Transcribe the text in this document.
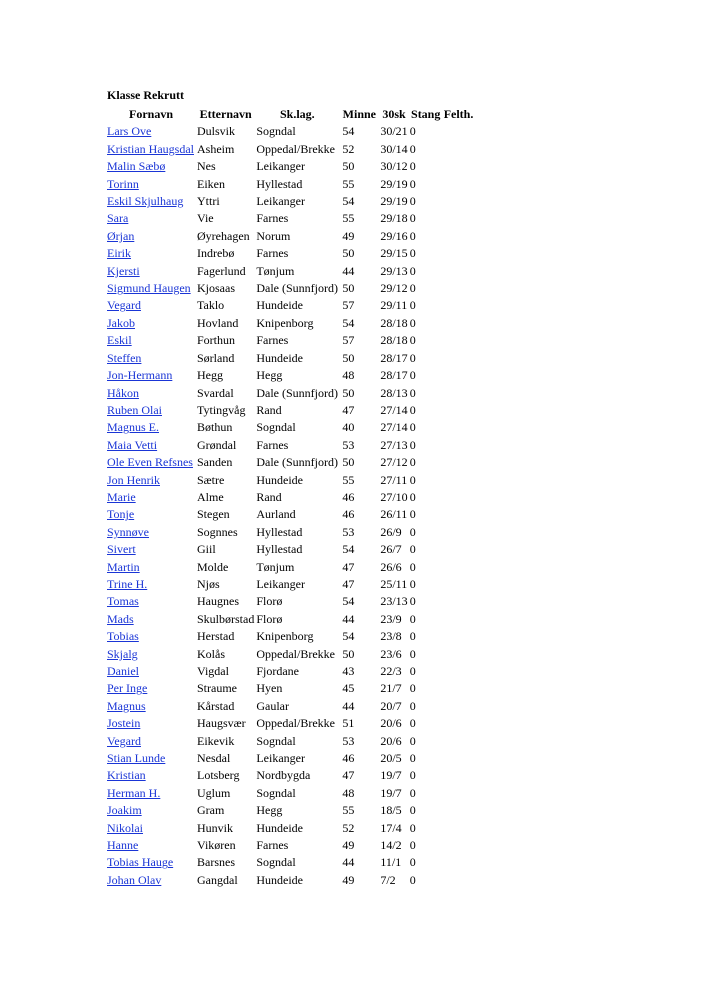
Klasse Rekrutt
Fornavn	Etternavn	Sk.lag.	Minne	30sk	Stang	Felth.
Lars Ove	Dulsvik	Sogndal	54	30/21	0	
Kristian Haugsdal	Asheim	Oppedal/Brekke	52	30/14	0	
Malin Sæbø	Nes	Leikanger	50	30/12	0	
Torinn	Eiken	Hyllestad	55	29/19	0	
Eskil Skjulhaug	Yttri	Leikanger	54	29/19	0	
Sara	Vie	Farnes	55	29/18	0	
Ørjan	Øyrehagen	Norum	49	29/16	0	
Eirik	Indrebø	Farnes	50	29/15	0	
Kjersti	Fagerlund	Tønjum	44	29/13	0	
Sigmund Haugen	Kjosaas	Dale (Sunnfjord)	50	29/12	0	
Vegard	Taklo	Hundeide	57	29/11	0	
Jakob	Hovland	Knipenborg	54	28/18	0	
Eskil	Forthun	Farnes	57	28/18	0	
Steffen	Sørland	Hundeide	50	28/17	0	
Jon-Hermann	Hegg	Hegg	48	28/17	0	
Håkon	Svardal	Dale (Sunnfjord)	50	28/13	0	
Ruben Olai	Tytingvåg	Rand	47	27/14	0	
Magnus E.	Bøthun	Sogndal	40	27/14	0	
Maia Vetti	Grøndal	Farnes	53	27/13	0	
Ole Even Refsnes	Sanden	Dale (Sunnfjord)	50	27/12	0	
Jon Henrik	Sætre	Hundeide	55	27/11	0	
Marie	Alme	Rand	46	27/10	0	
Tonje	Stegen	Aurland	46	26/11	0	
Synnøve	Sognnes	Hyllestad	53	26/9	0	
Sivert	Giil	Hyllestad	54	26/7	0	
Martin	Molde	Tønjum	47	26/6	0	
Trine H.	Njøs	Leikanger	47	25/11	0	
Tomas	Haugnes	Florø	54	23/13	0	
Mads	Skulbørstad	Florø	44	23/9	0	
Tobias	Herstad	Knipenborg	54	23/8	0	
Skjalg	Kolås	Oppedal/Brekke	50	23/6	0	
Daniel	Vigdal	Fjordane	43	22/3	0	
Per Inge	Straume	Hyen	45	21/7	0	
Magnus	Kårstad	Gaular	44	20/7	0	
Jostein	Haugsvær	Oppedal/Brekke	51	20/6	0	
Vegard	Eikevik	Sogndal	53	20/6	0	
Stian Lunde	Nesdal	Leikanger	46	20/5	0	
Kristian	Lotsberg	Nordbygda	47	19/7	0	
Herman H.	Uglum	Sogndal	48	19/7	0	
Joakim	Gram	Hegg	55	18/5	0	
Nikolai	Hunvik	Hundeide	52	17/4	0	
Hanne	Vikøren	Farnes	49	14/2	0	
Tobias Hauge	Barsnes	Sogndal	44	11/1	0	
Johan Olav	Gangdal	Hundeide	49	7/2	0	
